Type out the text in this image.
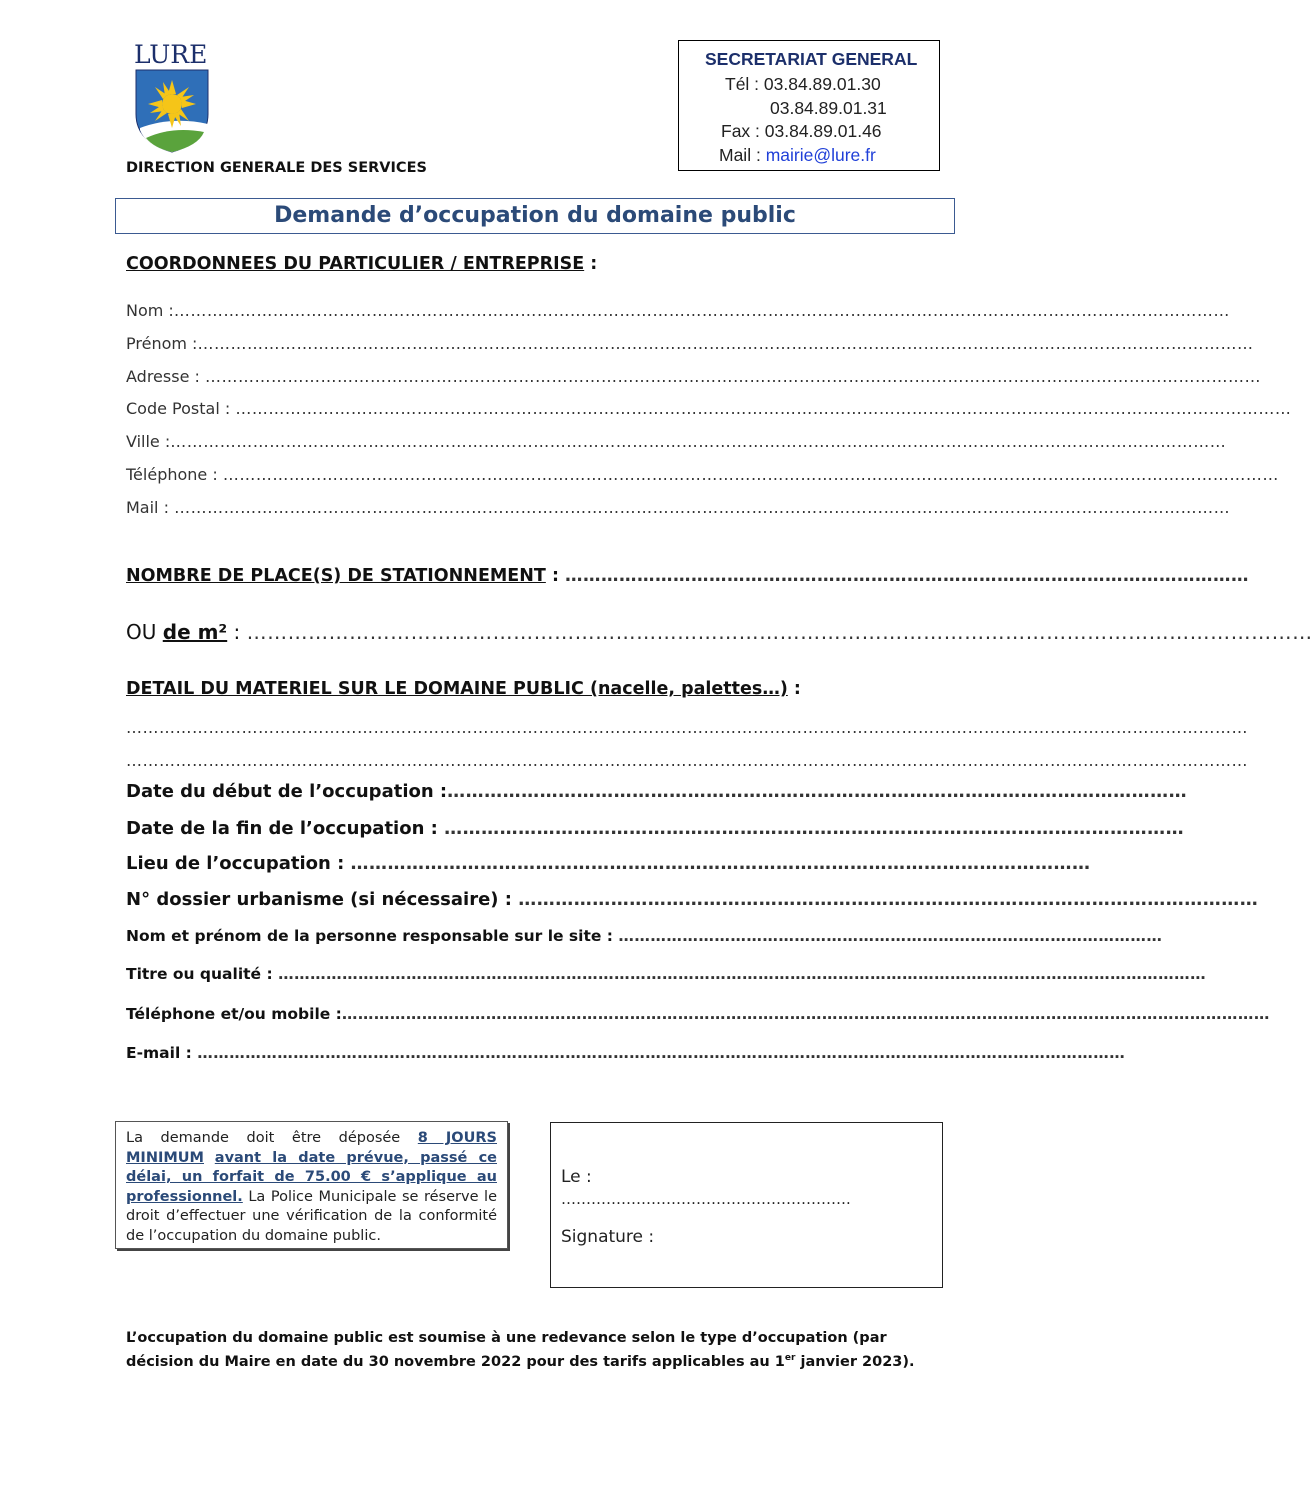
LURE
DIRECTION GENERALE DES SERVICES
SECRETARIAT GENERAL
Tél : 03.84.89.01.30
03.84.89.01.31
Fax : 03.84.89.01.46
Mail : mairie@lure.fr
Demande d’occupation du domaine public
COORDONNEES DU PARTICULIER / ENTREPRISE :
Nom :…………………………………………………………………………………………………………………………………………………………………………
Prénom :…………………………………………………………………………………………………………………………………………………………………………
Adresse : …………………………………………………………………………………………………………………………………………………………………………
Code Postal : …………………………………………………………………………………………………………………………………………………………………………
Ville :…………………………………………………………………………………………………………………………………………………………………………
Téléphone : …………………………………………………………………………………………………………………………………………………………………………
Mail : …………………………………………………………………………………………………………………………………………………………………………
NOMBRE DE PLACE(S) DE STATIONNEMENT : ……………………………………………………………………………………………………
OU de m² : …………………………………………………………………………………………………………………………………………
DETAIL DU MATERIEL SUR LE DOMAINE PUBLIC (nacelle, palettes…) :
……………………………………………………………………………………………………………………………………………………………………………………
……………………………………………………………………………………………………………………………………………………………………………………
Date du début de l’occupation :…………………………………………………………………………………………………………
Date de la fin de l’occupation : …………………………………………………………………………………………………………
Lieu de l’occupation : …………………………………………………………………………………………………………
N° dossier urbanisme (si nécessaire) : …………………………………………………………………………………………………………
Nom et prénom de la personne responsable sur le site : …………………………………………………………………………………………
Titre ou qualité : …………………………………………………………………………………………………………………………………………………………
Téléphone et/ou mobile :…………………………………………………………………………………………………………………………………………………………
E-mail : …………………………………………………………………………………………………………………………………………………………
La demande doit être déposée 8 JOURS MINIMUM avant la date prévue, passé ce délai, un forfait de 75.00 € s’applique au professionnel. La Police Municipale se réserve le droit d’effectuer une vérification de la conformité de l’occupation du domaine public.
Le :
………………………………………………….
Signature :
L’occupation du domaine public est soumise à une redevance selon le type d’occupation (par décision du Maire en date du 30 novembre 2022 pour des tarifs applicables au 1er janvier 2023).
